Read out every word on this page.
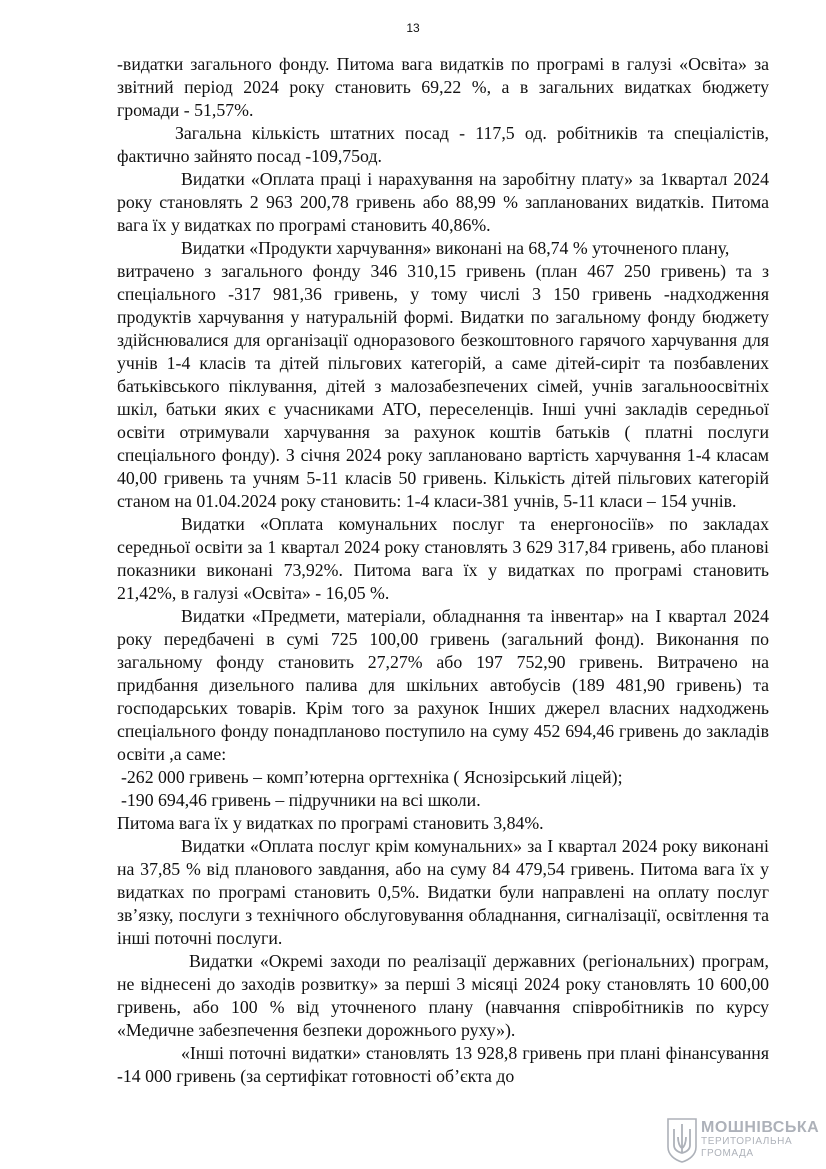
13

-видатки загального фонду. Питома вага видатків по програмі в галузі «Освіта» за звітний період 2024 року становить 69,22 %, а в загальних видатках бюджету громади - 51,57%.

Загальна кількість штатних посад - 117,5 од. робітників та спеціалістів, фактично зайнято посад -109,75од.

Видатки «Оплата праці і нарахування на заробітну плату» за 1квартал 2024 року становлять 2 963 200,78 гривень або 88,99 % запланованих видатків. Питома вага їх у видатках по програмі становить 40,86%.

Видатки «Продукти харчування» виконані на 68,74 % уточненого плану,

витрачено з загального фонду 346 310,15 гривень (план 467 250 гривень) та з спеціального -317 981,36 гривень, у тому числі 3 150 гривень -надходження продуктів харчування у натуральній формі. Видатки по загальному фонду бюджету здійснювалися для організації одноразового безкоштовного гарячого харчування для учнів 1-4 класів та дітей пільгових категорій, а саме дітей-сиріт та позбавлених батьківського піклування, дітей з малозабезпечених сімей, учнів загальноосвітніх шкіл, батьки яких є учасниками АТО, переселенців. Інші учні закладів середньої освіти отримували харчування за рахунок коштів батьків ( платні послуги спеціального фонду). З січня 2024 року заплановано вартість харчування 1-4 класам 40,00 гривень та учням 5-11 класів 50 гривень. Кількість дітей пільгових категорій станом на 01.04.2024 року становить: 1-4 класи-381 учнів, 5-11 класи – 154 учнів.

Видатки «Оплата комунальних послуг та енергоносіїв» по закладах середньої освіти за 1 квартал 2024 року становлять 3 629 317,84 гривень, або планові показники виконані 73,92%. Питома вага їх у видатках по програмі становить 21,42%, в галузі «Освіта» - 16,05 %.

Видатки «Предмети, матеріали, обладнання та інвентар» на І квартал 2024 року передбачені в сумі 725 100,00 гривень (загальний фонд). Виконання по загальному фонду становить 27,27% або 197 752,90 гривень. Витрачено на придбання дизельного палива для шкільних автобусів (189 481,90 гривень) та господарських товарів. Крім того за рахунок Інших джерел власних надходжень спеціального фонду понадпланово поступило на суму 452 694,46 гривень до закладів освіти ,а саме:

-262 000 гривень – комп’ютерна оргтехніка ( Яснозірський ліцей);

-190 694,46 гривень – підручники на всі школи.

Питома вага їх у видатках по програмі становить 3,84%.

Видатки «Оплата послуг крім комунальних» за І квартал 2024 року виконані на 37,85 % від планового завдання, або на суму 84 479,54 гривень. Питома вага їх у видатках по програмі становить 0,5%. Видатки були направлені на оплату послуг зв’язку, послуги з технічного обслуговування обладнання, сигналізації, освітлення та інші поточні послуги.

Видатки «Окремі заходи по реалізації державних (регіональних) програм, не віднесені до заходів розвитку» за перші 3 місяці 2024 року становлять 10 600,00 гривень, або 100 % від уточненого плану (навчання співробітників по курсу «Медичне забезпечення безпеки дорожнього руху»).

«Інші поточні видатки» становлять 13 928,8 гривень при плані фінансування -14 000 гривень (за сертифікат готовності об’єкта до

МОШНІВСЬКА
ТЕРИТОРІАЛЬНА
ГРОМАДА
